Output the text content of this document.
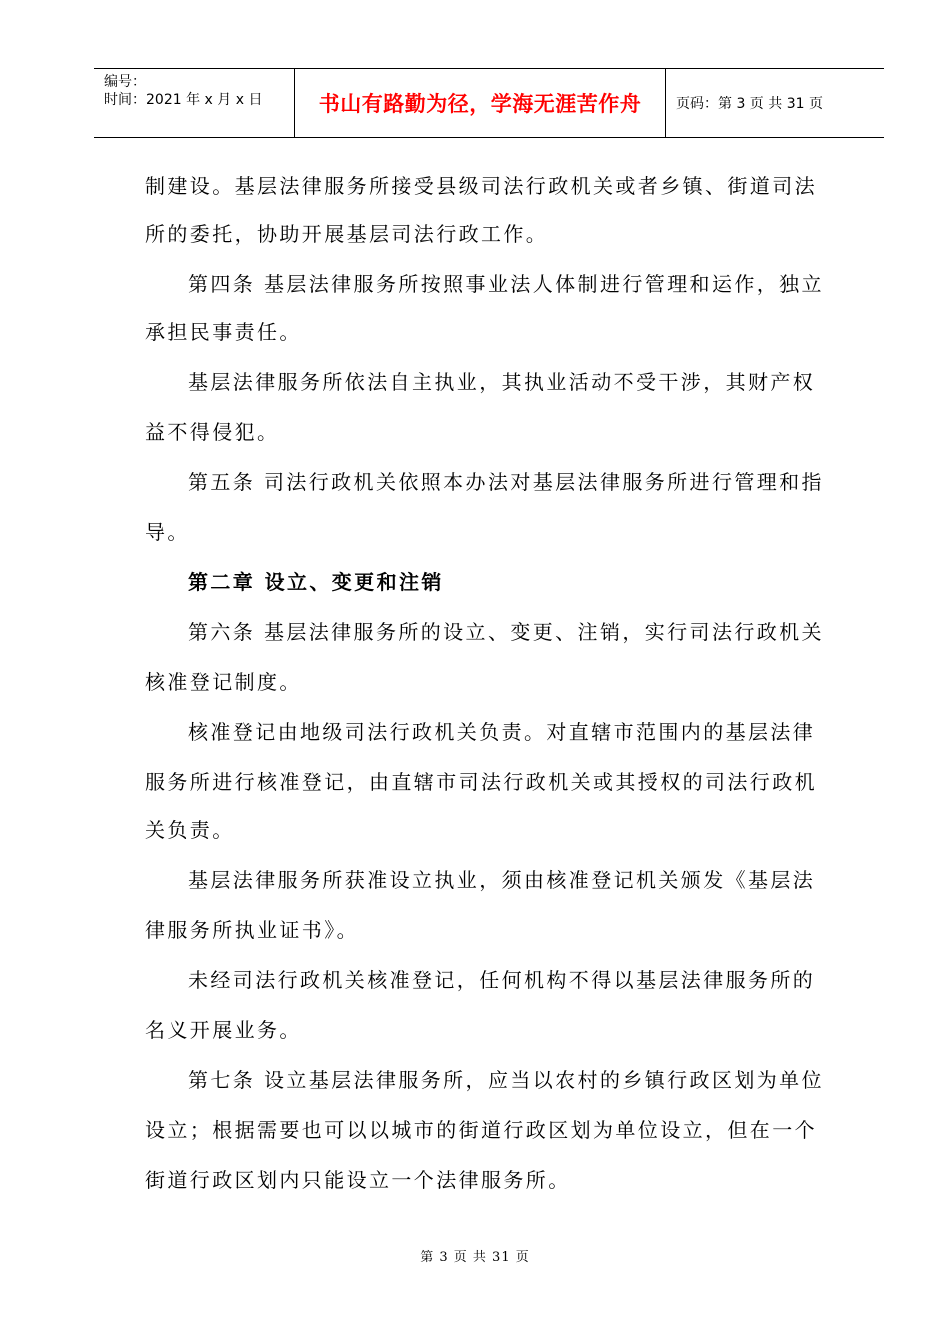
编号：
时间：2021 年 x 月 x 日	书山有路勤为径，学海无涯苦作舟	页码：第 3 页 共 31 页
制建设。基层法律服务所接受县级司法行政机关或者乡镇、街道司法
所的委托，协助开展基层司法行政工作。
第四条 基层法律服务所按照事业法人体制进行管理和运作，独立
承担民事责任。
基层法律服务所依法自主执业，其执业活动不受干涉，其财产权
益不得侵犯。
第五条 司法行政机关依照本办法对基层法律服务所进行管理和指
导。
第二章 设立、变更和注销
第六条 基层法律服务所的设立、变更、注销，实行司法行政机关
核准登记制度。
核准登记由地级司法行政机关负责。对直辖市范围内的基层法律
服务所进行核准登记，由直辖市司法行政机关或其授权的司法行政机
关负责。
基层法律服务所获准设立执业，须由核准登记机关颁发《基层法
律服务所执业证书》。
未经司法行政机关核准登记，任何机构不得以基层法律服务所的
名义开展业务。
第七条 设立基层法律服务所，应当以农村的乡镇行政区划为单位
设立；根据需要也可以以城市的街道行政区划为单位设立，但在一个
街道行政区划内只能设立一个法律服务所。
第 3 页 共 31 页
